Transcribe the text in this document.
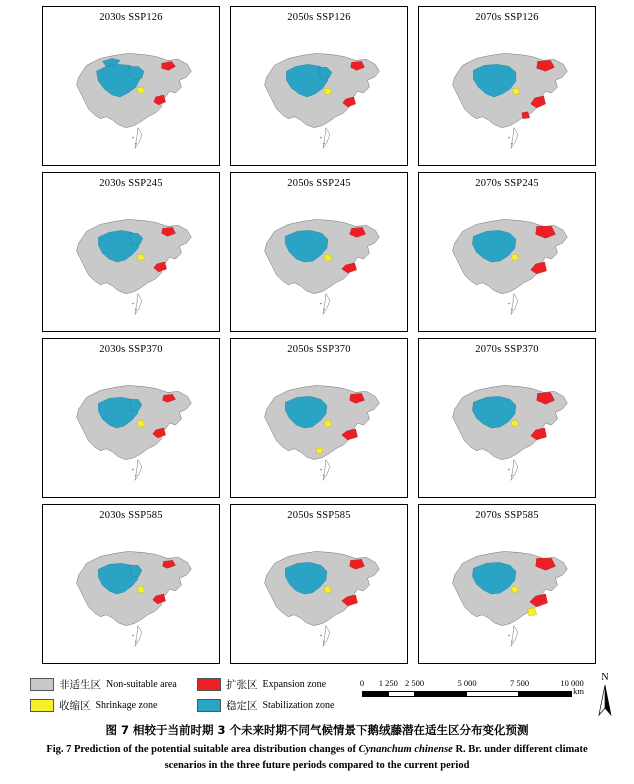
2030s SSP126	2050s SSP126	2070s SSP126
2030s SSP245	2050s SSP245	2070s SSP245
2030s SSP370	2050s SSP370	2070s SSP370
2030s SSP585	2050s SSP585	2070s SSP585
非适生区 Non-suitable area	扩张区 Expansion zone
收缩区 Shrinkage zone	稳定区 Stabilization zone
0 1 250 2 500	5 000	7 500	10 000
km
N
图 7 相较于当前时期 3 个未来时期不同气候情景下鹅绒藤潜在适生区分布变化预测
Fig. 7 Prediction of the potential suitable area distribution changes of Cynanchum chinense R. Br. under different climate
scenarios in the three future periods compared to the current period
